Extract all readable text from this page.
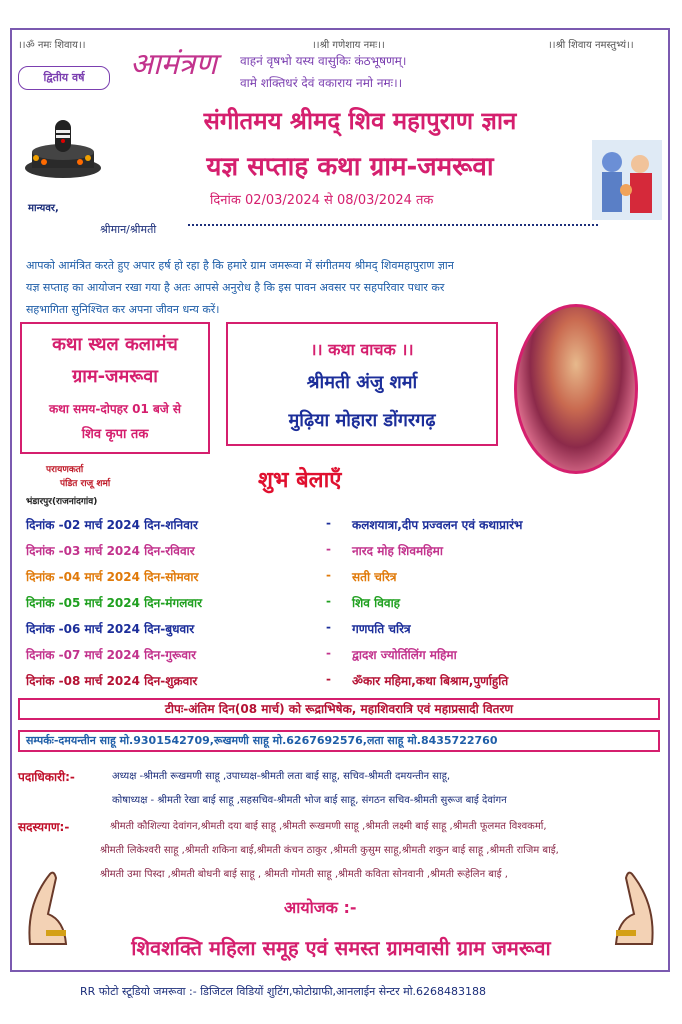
।।ॐ नमः शिवाय।।	।।श्री गणेशाय नमः।।	।।श्री शिवाय नमस्तुभ्यं।।
आमंत्रण वाहनं वृषभो यस्य वासुकिः कंठभूषणम्।
वामे शक्तिधरं देवं वकाराय नमो नमः।।
द्वितीय वर्ष
संगीतमय श्रीमद् शिव महापुराण ज्ञान
यज्ञ सप्ताह कथा ग्राम-जमरूवा
दिनांक 02/03/2024 से 08/03/2024 तक
मान्यवर,
श्रीमान/श्रीमती
आपको आमंत्रित करते हुए अपार हर्ष हो रहा है कि हमारे ग्राम जमरूवा में संगीतमय श्रीमद् शिवमहापुराण ज्ञान
यज्ञ सप्ताह का आयोजन रखा गया है अतः आपसे अनुरोध है कि इस पावन अवसर पर सहपरिवार पधार कर
सहभागिता सुनिश्चित कर अपना जीवन धन्य करें।
कथा स्थल कलामंच
ग्राम-जमरूवा
कथा समय-दोपहर 01 बजे से
शिव कृपा तक
।। कथा वाचक ।।
श्रीमती अंजु शर्मा
मुढ़िया मोहारा डोंगरगढ़
परायणकर्ता
पंडित राजू शर्मा
भंडारपुर(राजनांदगांव)
शुभ बेलाएँ
दिनांक -02 मार्च 2024 दिन-शनिवार	- कलशयात्रा,दीप प्रज्वलन एवं कथाप्रारंभ
दिनांक -03 मार्च 2024 दिन-रविवार	- नारद मोह शिवमहिमा
दिनांक -04 मार्च 2024 दिन-सोमवार	- सती चरित्र
दिनांक -05 मार्च 2024 दिन-मंगलवार	- शिव विवाह
दिनांक -06 मार्च 2024 दिन-बुधवार	- गणपति चरित्र
दिनांक -07 मार्च 2024 दिन-गुरूवार	- द्वादश ज्योर्तिलिंग महिमा
दिनांक -08 मार्च 2024 दिन-शुक्रवार	- ॐकार महिमा,कथा बिश्राम,पुर्णाहुति
टीपः-अंतिम दिन(08 मार्च) को रूद्राभिषेक, महाशिवरात्रि एवं महाप्रसादी वितरण
सम्पर्कः-दमयन्तीन साहू मो.9301542709,रूखमणी साहू मो.6267692576,लता साहू मो.8435722760
पदाधिकारी:-	अध्यक्ष -श्रीमती रूखमणी साहू ,उपाध्यक्ष-श्रीमती लता बाई साहू, सचिव-श्रीमती दमयन्तीन साहू,
कोषाध्यक्ष - श्रीमती रेखा बाई साहू ,सहसचिव-श्रीमती भोज बाई साहू, संगठन सचिव-श्रीमती सुरूज बाई देवांगन
सदस्यगण:-	श्रीमती कौशिल्या देवांगन,श्रीमती दया बाई साहू ,श्रीमती रूखमणी साहू ,श्रीमती लक्ष्मी बाई साहू ,श्रीमती फूलमत विश्वकर्मा,
श्रीमती लिकेश्वरी साहू ,श्रीमती शकिना बाई,श्रीमती कंचन ठाकुर ,श्रीमती कुसुम साहू,श्रीमती शकुन बाई साहू ,श्रीमती राजिम बाई,
श्रीमती उमा पिस्दा ,श्रीमती बोधनी बाई साहू , श्रीमती गोमती साहू ,श्रीमती कविता सोनवानी ,श्रीमती रूहेलिन बाई ,
आयोजक :-
शिवशक्ति महिला समूह एवं समस्त ग्रामवासी ग्राम जमरूवा
RR फोटो स्टूडियो जमरूवा :- डिजिटल विडियों शुटिंग,फोटोग्राफी,आनलाईन सेन्टर मो.6268483188
